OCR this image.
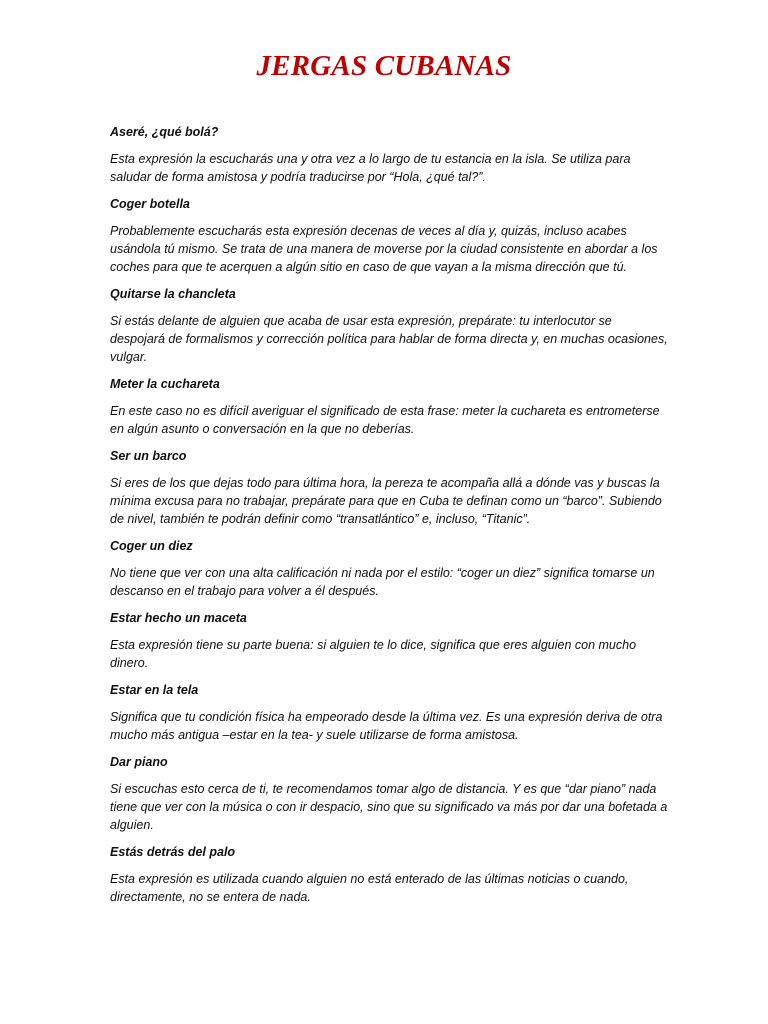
JERGAS CUBANAS

Aseré, ¿qué bolá?

Esta expresión la escucharás una y otra vez a lo largo de tu estancia en la isla. Se utiliza para saludar de forma amistosa y podría traducirse por “Hola, ¿qué tal?”.

Coger botella

Probablemente escucharás esta expresión decenas de veces al día y, quizás, incluso acabes usándola tú mismo. Se trata de una manera de moverse por la ciudad consistente en abordar a los coches para que te acerquen a algún sitio en caso de que vayan a la misma dirección que tú.

Quitarse la chancleta

Si estás delante de alguien que acaba de usar esta expresión, prepárate: tu interlocutor se despojará de formalismos y corrección política para hablar de forma directa y, en muchas ocasiones, vulgar.

Meter la cuchareta

En este caso no es difícil averiguar el significado de esta frase: meter la cuchareta es entrometerse en algún asunto o conversación en la que no deberías.

Ser un barco

Si eres de los que dejas todo para última hora, la pereza te acompaña allá a dónde vas y buscas la mínima excusa para no trabajar, prepárate para que en Cuba te definan como un “barco”. Subiendo de nivel, también te podrán definir como “transatlántico” e, incluso, “Titanic”.

Coger un diez

No tiene que ver con una alta calificación ni nada por el estilo: “coger un diez” significa tomarse un descanso en el trabajo para volver a él después.

Estar hecho un maceta

Esta expresión tiene su parte buena: si alguien te lo dice, significa que eres alguien con mucho dinero.

Estar en la tela

Significa que tu condición física ha empeorado desde la última vez. Es una expresión deriva de otra mucho más antigua –estar en la tea- y suele utilizarse de forma amistosa.

Dar piano

Si escuchas esto cerca de ti, te recomendamos tomar algo de distancia. Y es que “dar piano” nada tiene que ver con la música o con ir despacio, sino que su significado va más por dar una bofetada a alguien.

Estás detrás del palo

Esta expresión es utilizada cuando alguien no está enterado de las últimas noticias o cuando, directamente, no se entera de nada.
